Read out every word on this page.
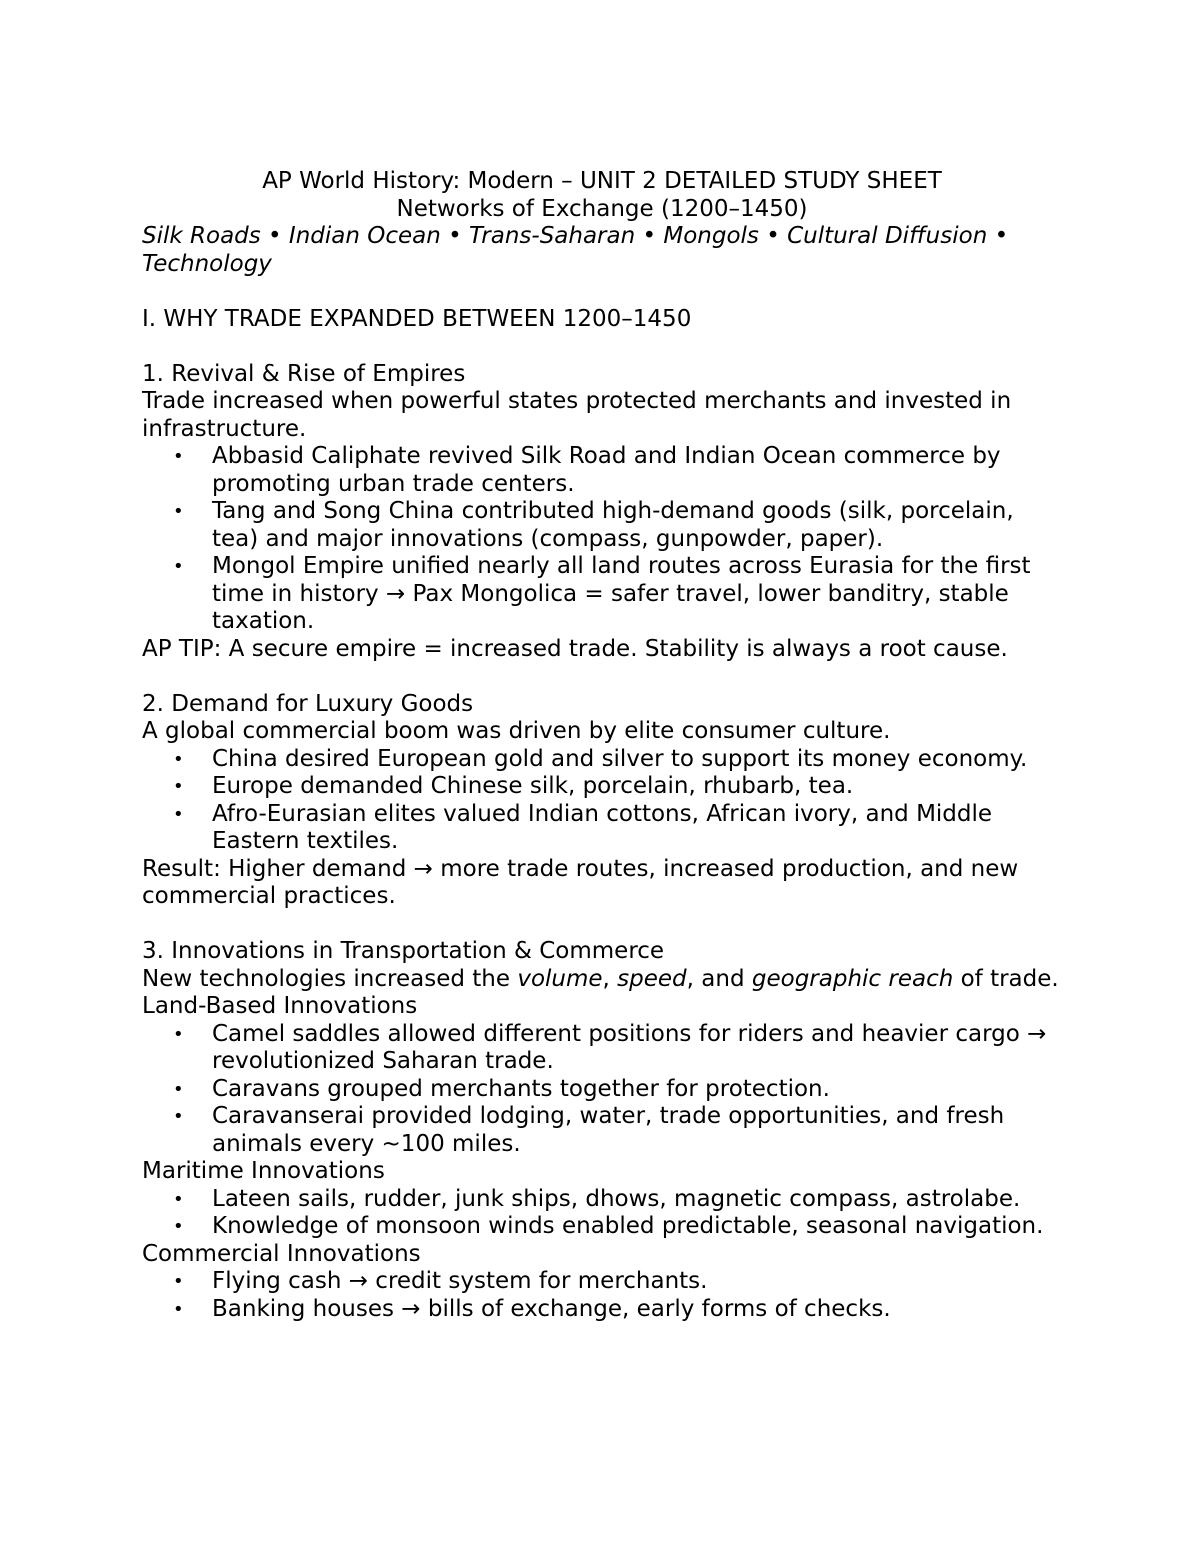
AP World History: Modern – UNIT 2 DETAILED STUDY SHEET
Networks of Exchange (1200–1450)
Silk Roads • Indian Ocean • Trans-Saharan • Mongols • Cultural Diffusion • Technology
I. WHY TRADE EXPANDED BETWEEN 1200–1450
1. Revival & Rise of Empires
Trade increased when powerful states protected merchants and invested in infrastructure.
• Abbasid Caliphate revived Silk Road and Indian Ocean commerce by promoting urban trade centers.
• Tang and Song China contributed high-demand goods (silk, porcelain, tea) and major innovations (compass, gunpowder, paper).
• Mongol Empire unified nearly all land routes across Eurasia for the first time in history → Pax Mongolica = safer travel, lower banditry, stable taxation.
AP TIP: A secure empire = increased trade. Stability is always a root cause.
2. Demand for Luxury Goods
A global commercial boom was driven by elite consumer culture.
• China desired European gold and silver to support its money economy.
• Europe demanded Chinese silk, porcelain, rhubarb, tea.
• Afro-Eurasian elites valued Indian cottons, African ivory, and Middle Eastern textiles.
Result: Higher demand → more trade routes, increased production, and new commercial practices.
3. Innovations in Transportation & Commerce
New technologies increased the volume, speed, and geographic reach of trade.
Land-Based Innovations
• Camel saddles allowed different positions for riders and heavier cargo → revolutionized Saharan trade.
• Caravans grouped merchants together for protection.
• Caravanserai provided lodging, water, trade opportunities, and fresh animals every ~100 miles.
Maritime Innovations
• Lateen sails, rudder, junk ships, dhows, magnetic compass, astrolabe.
• Knowledge of monsoon winds enabled predictable, seasonal navigation.
Commercial Innovations
• Flying cash → credit system for merchants.
• Banking houses → bills of exchange, early forms of checks.
